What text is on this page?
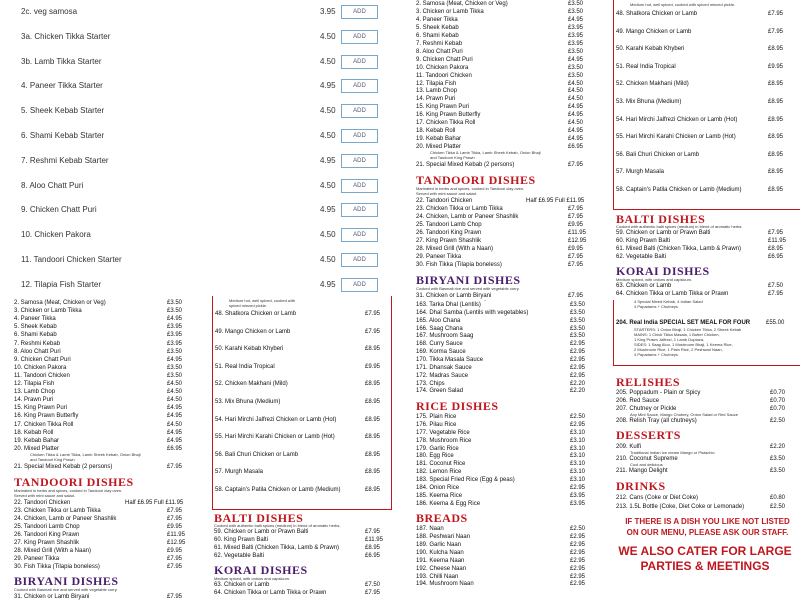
2c. veg samosa	3.95	ADD
3a. Chicken Tikka Starter	4.50	ADD
3b. Lamb Tikka Starter	4.50	ADD
4. Paneer Tikka Starter	4.95	ADD
5. Sheek Kebab Starter	4.50	ADD
6. Shami Kebab Starter	4.50	ADD
7. Reshmi Kebab Starter	4.95	ADD
8. Aloo Chatt Puri	4.50	ADD
9. Chicken Chatt Puri	4.95	ADD
10. Chicken Pakora	4.50	ADD
11. Tandoori Chicken Starter	4.50	ADD
12. Tilapia Fish Starter	4.95	ADD
2. Samosa (Meat, Chicken or Veg)	£3.50
3. Chicken or Lamb Tikka	£3.50
4. Paneer Tikka	£4.95
5. Sheek Kebab	£3.95
6. Shami Kebab	£3.95
7. Reshmi Kebab	£3.95
8. Aloo Chatt Puri	£3.50
9. Chicken Chatt Puri	£4.95
10. Chicken Pakora	£3.50
11. Tandoori Chicken	£3.50
12. Tilapia Fish	£4.50
13. Lamb Chop	£4.50
14. Prawn Puri	£4.50
15. King Prawn Puri	£4.95
16. King Prawn Butterfly	£4.95
17. Chicken Tikka Roll	£4.50
18. Kebab Roll	£4.95
19. Kebab Bahar	£4.95
20. Mixed Platter	£6.95
Chicken Tikka & Lamb Tikka, Lamb Sheek Kebab, Onion Bhaji
and Tandoori King Prawn
21. Special Mixed Kebab (2 persons)	£7.95
TANDOORI DISHES
Marinated in herbs and spices, cooked in Tandoori clay oven.
Served with mint sauce and salad.
22. Tandoori Chicken	Half £6.95 Full £11.95
23. Chicken Tikka or Lamb Tikka	£7.95
24. Chicken, Lamb or Paneer Shashlik	£7.95
25. Tandoori Lamb Chop	£9.95
26. Tandoori King Prawn	£11.95
27. King Prawn Shashlik	£12.95
28. Mixed Grill (With a Naan)	£9.95
29. Paneer Tikka	£7.95
30. Fish Tikka (Tilapia boneless)	£7.95
BIRYANI DISHES
Cooked with Basmati rice and served with vegetable curry.
31. Chicken or Lamb Biryani	£7.95
Medium hot, well spiced, cooked with spiced minced pickle.
48. Shatkora Chicken or Lamb	£7.95
49. Mango Chicken or Lamb	£7.95
50. Karahi Kebab Khyberi	£8.95
51. Real India Tropical	£9.95
52. Chicken Makhani (Mild)	£8.95
53. Mix Bhuna (Medium)	£8.95
54. Hari Mirchi Jalfrezi Chicken or Lamb (Hot)	£8.95
55. Hari Mirchi Karahi Chicken or Lamb (Hot)	£8.95
56. Bali Churi Chicken or Lamb	£8.95
57. Murgh Masala	£8.95
58. Captain's Patila Chicken or Lamb (Medium)	£8.95
BALTI DISHES
Cooked with authentic balti spices (medium) in blend of aromatic herbs.
59. Chicken or Lamb or Prawn Balti	£7.95
60. King Prawn Balti	£11.95
61. Mixed Balti (Chicken Tikka, Lamb & Prawn)	£8.95
62. Vegetable Balti	£6.95
KORAI DISHES
Medium spiced, with onions and capsicum.
63. Chicken or Lamb	£7.50
64. Chicken Tikka or Lamb Tikka or Prawn	£7.95
2. Samosa (Meat, Chicken or Veg)	£3.50
3. Chicken or Lamb Tikka	£3.50
4. Paneer Tikka	£4.95
5. Sheek Kebab	£3.95
6. Shami Kebab	£3.95
7. Reshmi Kebab	£3.95
8. Aloo Chatt Puri	£3.50
9. Chicken Chatt Puri	£4.95
10. Chicken Pakora	£3.50
11. Tandoori Chicken	£3.50
12. Tilapia Fish	£4.50
13. Lamb Chop	£4.50
14. Prawn Puri	£4.50
15. King Prawn Puri	£4.95
16. King Prawn Butterfly	£4.95
17. Chicken Tikka Roll	£4.50
18. Kebab Roll	£4.95
19. Kebab Bahar	£4.95
20. Mixed Platter	£6.95
Chicken Tikka & Lamb Tikka, Lamb Sheek Kebab, Onion Bhaji
and Tandoori King Prawn
21. Special Mixed Kebab (2 persons)	£7.95
TANDOORI DISHES
Marinated in herbs and spices, cooked in Tandoori clay oven.
Served with mint sauce and salad.
22. Tandoori Chicken	Half £6.95 Full £11.95
23. Chicken Tikka or Lamb Tikka	£7.95
24. Chicken, Lamb or Paneer Shashlik	£7.95
25. Tandoori Lamb Chop	£9.95
26. Tandoori King Prawn	£11.95
27. King Prawn Shashlik	£12.95
28. Mixed Grill (With a Naan)	£9.95
29. Paneer Tikka	£7.95
30. Fish Tikka (Tilapia boneless)	£7.95
BIRYANI DISHES
Cooked with Basmati rice and served with vegetable curry.
31. Chicken or Lamb Biryani	£7.95
Medium hot, well spiced, cooked with
spiced minced pickle.
48. Shatkora Chicken or Lamb	£7.95
49. Mango Chicken or Lamb	£7.95
50. Karahi Kebab Khyberi	£8.95
51. Real India Tropical	£9.95
52. Chicken Makhani (Mild)	£8.95
53. Mix Bhuna (Medium)	£8.95
54. Hari Mirchi Jalfrezi Chicken or Lamb (Hot)	£8.95
55. Hari Mirchi Karahi Chicken or Lamb (Hot)	£8.95
56. Bali Churi Chicken or Lamb	£8.95
57. Murgh Masala	£8.95
58. Captain's Patila Chicken or Lamb (Medium)	£8.95
BALTI DISHES
Cooked with authentic balti spices (medium) in blend of aromatic herbs.
59. Chicken or Lamb or Prawn Balti	£7.95
60. King Prawn Balti	£11.95
61. Mixed Balti (Chicken Tikka, Lamb & Prawn)	£8.95
62. Vegetable Balti	£6.95
KORAI DISHES
Medium spiced, with onions and capsicum.
63. Chicken or Lamb	£7.50
64. Chicken Tikka or Lamb Tikka or Prawn	£7.95
163. Tarka Dhal (Lentils)	£3.50
164. Dhal Samba (Lentils with vegetables)	£3.50
165. Aloo Chana	£3.50
166. Saag Chana	£3.50
167. Mushroom Saag	£3.50
168. Curry Sauce	£2.95
169. Korma Sauce	£2.95
170. Tikka Masala Sauce	£2.95
171. Dhansak Sauce	£2.95
172. Madras Sauce	£2.95
173. Chips	£2.20
174. Green Salad	£2.20
RICE DISHES
175. Plain Rice	£2.50
176. Pilau Rice	£2.95
177. Vegetable Rice	£3.10
178. Mushroom Rice	£3.10
179. Garlic Rice	£3.10
180. Egg Rice	£3.10
181. Coconut Rice	£3.10
182. Lemon Rice	£3.10
183. Special Fried Rice (Egg & peas)	£3.10
184. Onion Rice	£2.95
185. Keema Rice	£3.95
186. Keema & Egg Rice	£3.95
BREADS
187. Naan	£2.50
188. Peshwari Naan	£2.95
189. Garlic Naan	£2.95
190. Kulcha Naan	£2.95
191. Keema Naan	£2.95
192. Cheese Naan	£2.95
193. Chilli Naan	£2.95
194. Mushroom Naan	£2.95
4 Special Mixed Kebab, 4 Indian Salad
4 Papadams + Chutneys
204. Real India SPECIAL SET MEAL FOR FOUR	£55.00
STARTERS: 1 Onion Bhaji, 1 Chicken Tikka, 2 Sheek Kebab
MAINS: 1 Chick Tikka Masala, 1 Butter Chicken,
1 King Prawn Jalfrezi, 1 Lamb Dopiaza,
SIDES: 1 Saag Aloo, 1 Mushroom Bhaji, 1 Keema Rice,
2 Mushroom Rice, 1 Plain Rice, 2 Peshwari Naan,
4 Papadams + Chutneys
RELISHES
205. Poppadum - Plain or Spicy	£0.70
206. Red Sauce	£0.70
207. Chutney or Pickle	£0.70
Any Mint Sauce, Mango Chutney, Onion Salad or Red Sauce
208. Relish Tray (all chutneys)	£2.50
DESSERTS
209. Kulfi	£2.20
Traditional Indian Ice cream Mango or Pistachio
210. Coconut Supreme	£3.50
Cool and delicious
211. Mango Delight	£3.50
DRINKS
212. Cans (Coke or Diet Coke)	£0.80
213. 1.5L Bottle (Coke, Diet Coke or Lemonade)	£2.50
IF THERE IS A DISH YOU LIKE NOT LISTED
ON OUR MENU, PLEASE ASK OUR STAFF.
WE ALSO CATER FOR LARGE
PARTIES & MEETINGS
